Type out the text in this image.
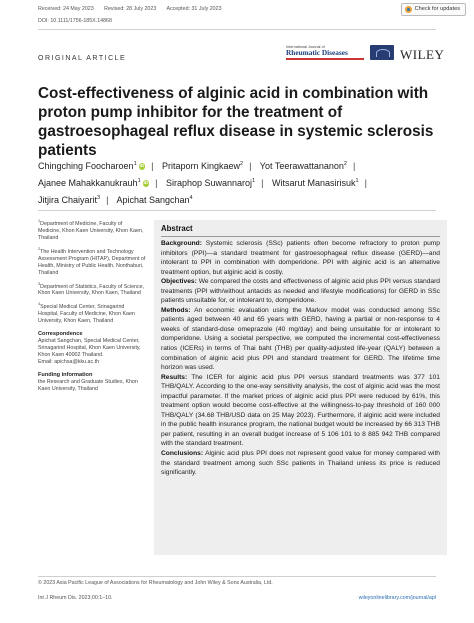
Received: 24 May 2023 Revised: 28 July 2023 Accepted: 31 July 2023
DOI: 10.1111/1756-185X.14868
Check for updates
ORIGINAL ARTICLE
International Journal of
Rheumatic Diseases	WILEY
Cost-effectiveness of alginic acid in combination with proton pump inhibitor for the treatment of gastroesophageal reflux disease in systemic sclerosis patients
Chingching Foocharoen$^1$ iD | Pritaporn Kingkaew$^2$ | Yot Teerawattananon$^2$ | Ajanee Mahakkanukrauh$^1$ iD | Siraphop Suwannaroj$^1$ | Witsarut Manasirisuk$^1$ | Jitjira Chaiyarit$^3$ | Apichat Sangchan$^4$
$^1$Department of Medicine, Faculty of Medicine, Khon Kaen University, Khon Kaen, Thailand
$^2$The Health Intervention and Technology Assessment Program (HITAP), Department of Health, Ministry of Public Health, Nonthaburi, Thailand
$^3$Department of Statistics, Faculty of Science, Khon Kaen University, Khon Kaen, Thailand
$^4$Special Medical Center, Srinagarind Hospital, Faculty of Medicine, Khon Kaen University, Khon Kaen, Thailand
Correspondence
Apichat Sangchan, Special Medical Center, Srinagarind Hospital, Khon Kaen University, Khon Kaen 40002 Thailand.
Email: apichsa@kku.ac.th
Funding information
the Research and Graduate Studies, Khon Kaen University, Thailand
Abstract

Background: Systemic sclerosis (SSc) patients often become refractory to proton pump inhibitors (PPI)—a standard treatment for gastroesophageal reflux disease (GERD)—and intolerant to PPI in combination with domperidone. PPI with alginic acid is an alternative treatment option, but alginic acid is costly.

Objectives: We compared the costs and effectiveness of alginic acid plus PPI versus standard treatments (PPI with/without antacids as needed and lifestyle modifications) for GERD in SSc patients unsuitable for, or intolerant to, domperidone.

Methods: An economic evaluation using the Markov model was conducted among SSc patients aged between 40 and 65 years with GERD, having a partial or non-response to 4 weeks of standard-dose omeprazole (40 mg/day) and being unsuitable for or intolerant to domperidone. Using a societal perspective, we computed the incremental cost-effectiveness ratios (ICERs) in terms of Thai baht (THB) per quality-adjusted life-year (QALY) between a combination of alginic acid plus PPI and standard treatment for GERD. The lifetime time horizon was used.

Results: The ICER for alginic acid plus PPI versus standard treatments was 377 101 THB/QALY. According to the one-way sensitivity analysis, the cost of alginic acid was the most impactful parameter. If the market prices of alginic acid plus PPI were reduced by 61%, this treatment option would become cost-effective at the willingness-to-pay threshold of 160 000 THB/QALY (34.68 THB/USD data on 25 May 2023). Furthermore, if alginic acid were included in the public health insurance program, the national budget would be increased by 66 313 THB per patient, resulting in an overall budget increase of 5 106 101 to 8 885 942 THB compared with the standard treatment.

Conclusions: Alginic acid plus PPI does not represent good value for money compared with the standard treatment among such SSc patients in Thailand unless its price is reduced significantly.

© 2023 Asia Pacific League of Associations for Rheumatology and John Wiley & Sons Australia, Ltd.
Int J Rheum Dis. 2023;00:1–10.	wileyonlinelibrary.com/journal/apl
